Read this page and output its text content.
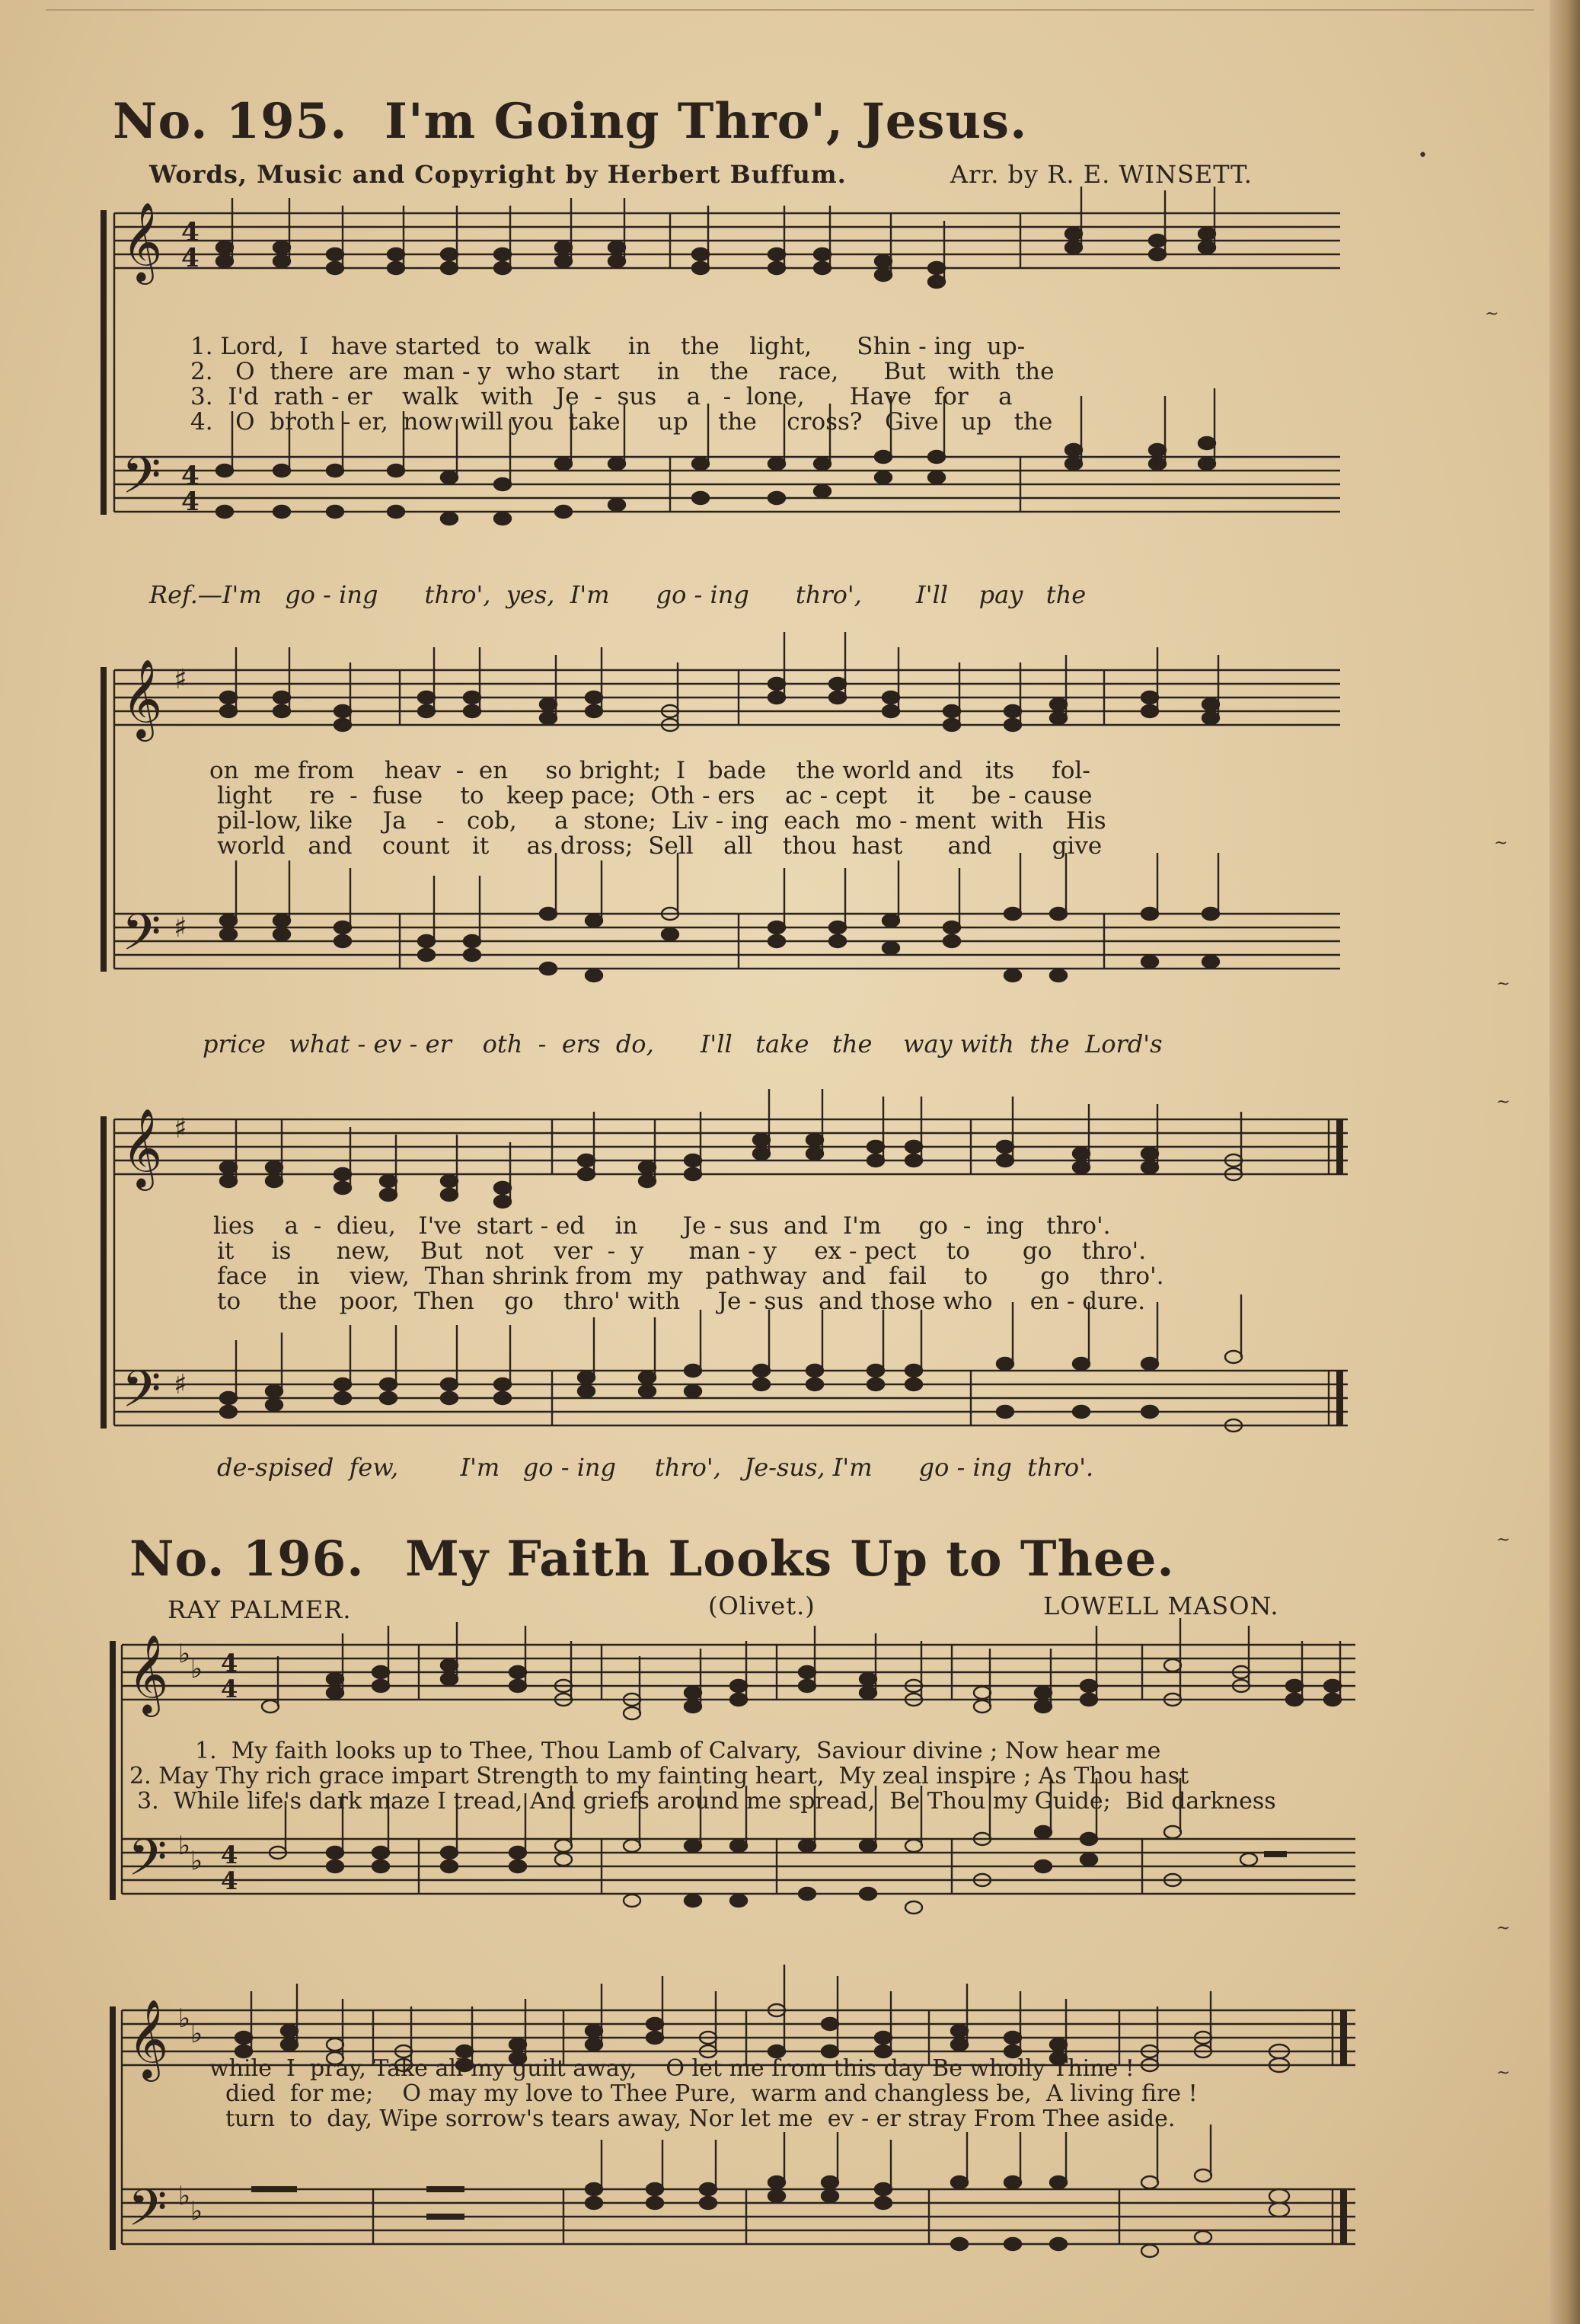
No. 195. I'm Going Thro', Jesus.
Words, Music and Copyright by Herbert Buffum.	Arr. by R. E. WINSETT.
𝄞
𝄢
4
4
4
4
1. Lord,  I   have started  to  walk     in    the    light,      Shin - ing  up-
2.   O  there  are  man - y  who start     in    the    race,      But   with  the
3.  I'd  rath - er    walk   with   Je  -  sus    a   -  lone,      Have   for    a
4.   O  broth - er,  now will you  take     up    the    cross?   Give   up   the
Ref.—I'm   go - ing      thro',  yes,  I'm      go - ing      thro',       I'll    pay   the
𝄞
𝄢
♯
♯
on  me from    heav  -  en     so bright;  I   bade    the world and   its     fol-
light     re  -  fuse     to   keep pace;  Oth - ers    ac - cept    it     be - cause
pil-low, like    Ja    -   cob,     a  stone;  Liv - ing  each  mo - ment  with   His
world   and    count   it     as dross;  Sell    all    thou  hast      and        give
price   what - ev - er    oth  -  ers  do,      I'll   take   the    way with  the  Lord's
𝄞
𝄢
♯
♯
lies    a  -  dieu,   I've  start - ed    in      Je - sus  and  I'm     go  -  ing   thro'.
it     is      new,    But   not    ver  -  y      man - y     ex - pect    to       go    thro'.
face    in    view,  Than shrink from  my   pathway  and   fail     to       go    thro'.
to     the   poor,  Then    go    thro' with     Je - sus  and those who     en - dure.
de-spised  few,        I'm   go - ing     thro',   Je-sus, I'm      go - ing  thro'.
No. 196. My Faith Looks Up to Thee.
RAY PALMER.	(Olivet.)	LOWELL MASON.
𝄞
𝄢
♭ ♭
♭ ♭
4
4
4
4
1.  My faith looks up to Thee, Thou Lamb of Calvary,  Saviour divine ; Now hear me
2. May Thy rich grace impart Strength to my fainting heart,  My zeal inspire ; As Thou hast
3.  While life's dark maze I tread, And griefs around me spread,  Be Thou my Guide;  Bid darkness
𝄞
𝄢
♭ ♭
♭ ♭
while  I  pray, Take all my guilt away,    O let me from this day Be wholly Thine !
died  for me;    O may my love to Thee Pure,  warm and changless be,  A living fire !
turn  to  day, Wipe sorrow's tears away, Nor let me  ev - er stray From Thee aside.
•
~
~
~
~
~
~
~
